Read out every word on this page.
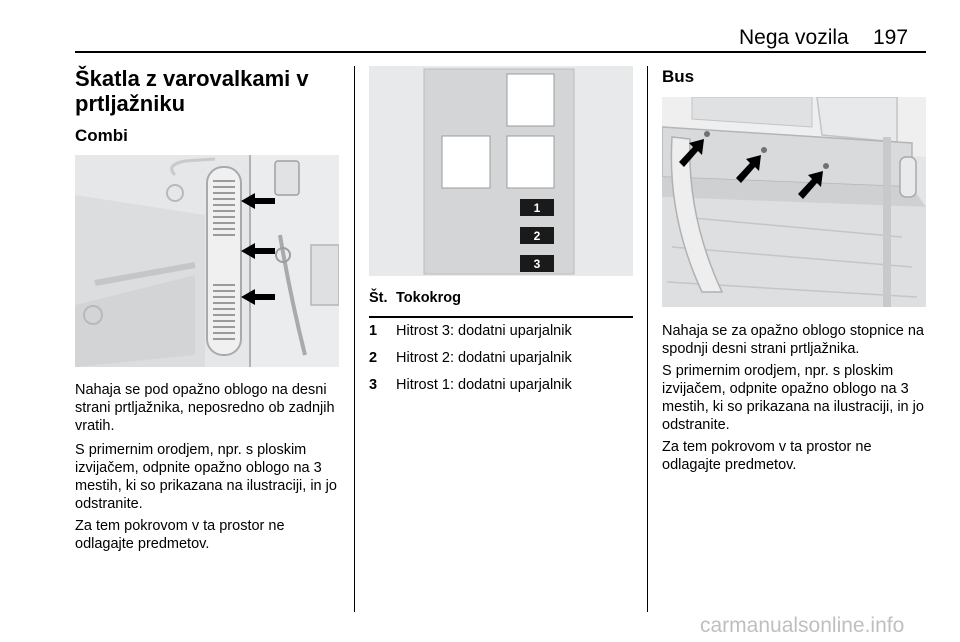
Nega vozila 197
Škatla z varovalkami v prtljažniku
Combi
Nahaja se pod opažno oblogo na desni strani prtljažnika, neposredno ob zadnjih vratih.
S primernim orodjem, npr. s ploskim izvijačem, odpnite opažno oblogo na 3 mestih, ki so prikazana na ilustraciji, in jo odstranite.
Za tem pokrovom v ta prostor ne odlagajte predmetov.
1
2
3
Št. Tokokrog
1 Hitrost 3: dodatni uparjalnik
2 Hitrost 2: dodatni uparjalnik
3 Hitrost 1: dodatni uparjalnik
Bus
Nahaja se za opažno oblogo stopnice na spodnji desni strani prtljažnika.
S primernim orodjem, npr. s ploskim izvijačem, odpnite opažno oblogo na 3 mestih, ki so prikazana na ilustraciji, in jo odstranite.
Za tem pokrovom v ta prostor ne odlagajte predmetov.
carmanualsonline.info
